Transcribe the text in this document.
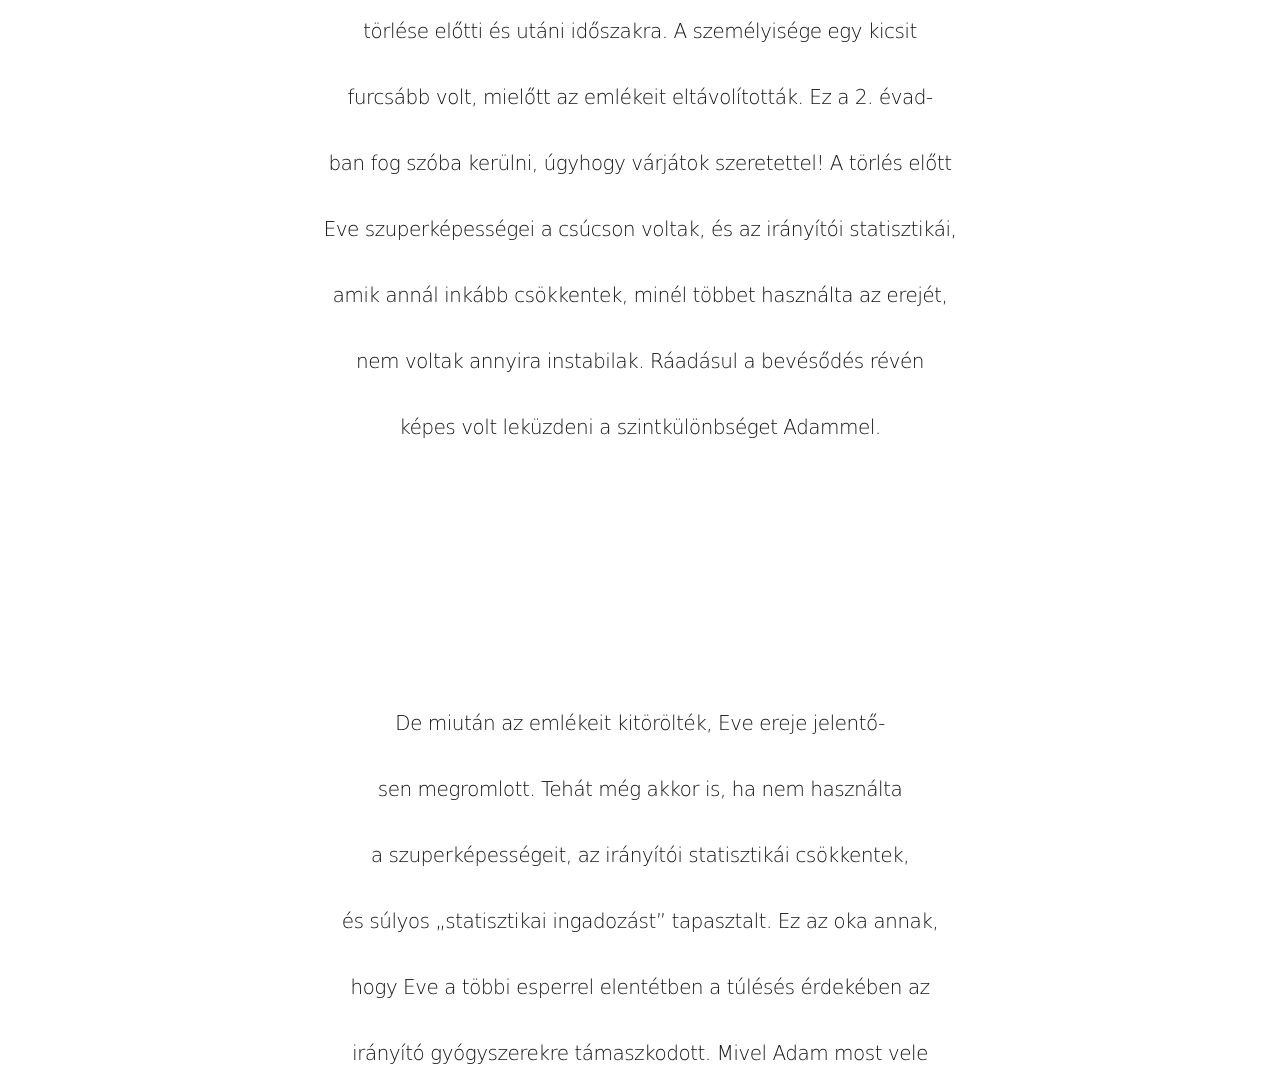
törlése előtti és utáni időszakra. A személyisége egy kicsit
furcsább volt, mielőtt az emlékeit eltávolították. Ez a 2. évad-
ban fog szóba kerülni, úgyhogy várjátok szeretettel! A törlés előtt
Eve szuperképességei a csúcson voltak, és az irányítói statisztikái,
amik annál inkább csökkentek, minél többet használta az erejét,
nem voltak annyira instabilak. Ráadásul a bevésődés révén
képes volt leküzdeni a szintkülönbséget Adammel.
De miután az emlékeit kitörölték, Eve ereje jelentő-
sen megromlott. Tehát még akkor is, ha nem használta
a szuperképességeit, az irányítói statisztikái csökkentek,
és súlyos „statisztikai ingadozást” tapasztalt. Ez az oka annak,
hogy Eve a többi esperrel elentétben a túlésés érdekében az
irányító gyógyszerekre támaszkodott. Mivel Adam most vele
